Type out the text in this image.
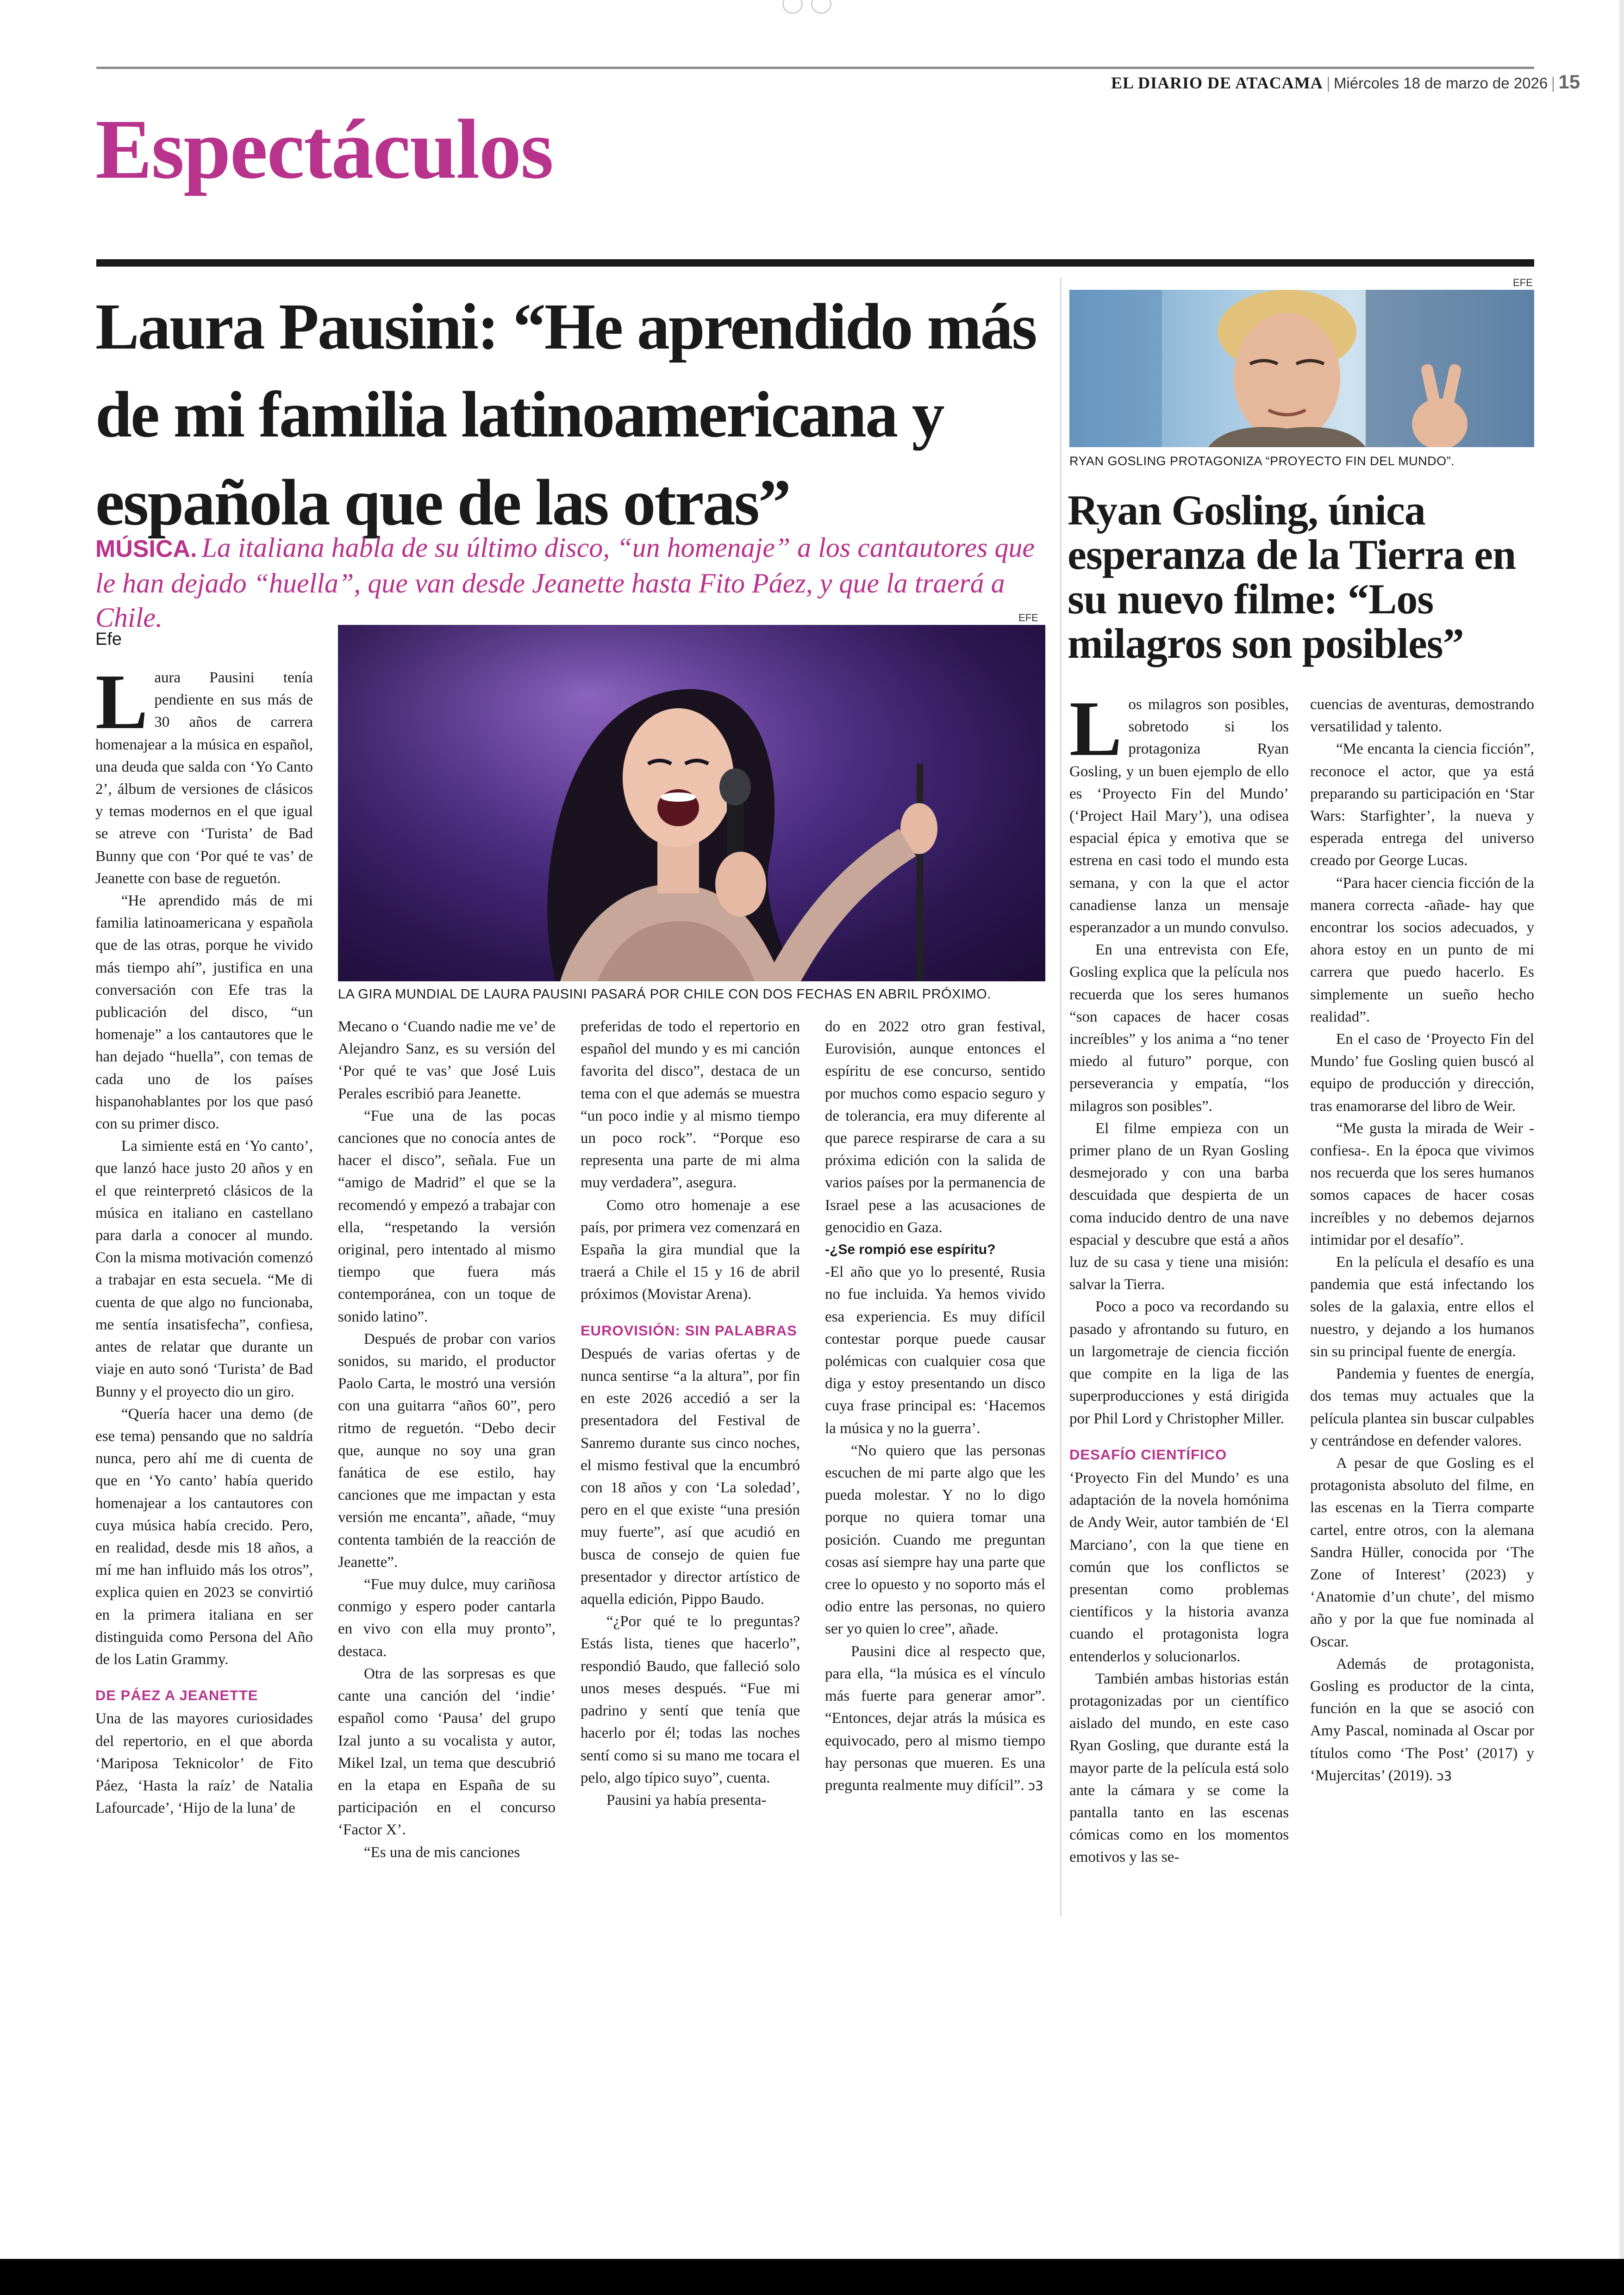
EL DIARIO DE ATACAMA | Miércoles 18 de marzo de 2026 | 15
Espectáculos
Laura Pausini: “He aprendido más de mi familia latinoamericana y española que de las otras”
MÚSICA. La italiana habla de su último disco, “un homenaje” a los cantautores que le han dejado “huella”, que van desde Jeanette hasta Fito Páez, y que la traerá a Chile.
Efe
EFE
LA GIRA MUNDIAL DE LAURA PAUSINI PASARÁ POR CHILE CON DOS FECHAS EN ABRIL PRÓXIMO.

Laura Pausini tenía pendiente en sus más de 30 años de carrera homenajear a la música en español, una deuda que salda con ‘Yo Canto 2’, álbum de versiones de clásicos y temas modernos en el que igual se atreve con ‘Turista’ de Bad Bunny que con ‘Por qué te vas’ de Jeanette con base de reguetón.

“He aprendido más de mi familia latinoamericana y española que de las otras, porque he vivido más tiempo ahí”, justifica en una conversación con Efe tras la publicación del disco, “un homenaje” a los cantautores que le han dejado “huella”, con temas de cada uno de los países hispanohablantes por los que pasó con su primer disco.

La simiente está en ‘Yo canto’, que lanzó hace justo 20 años y en el que reinterpretó clásicos de la música en italiano en castellano para darla a conocer al mundo. Con la misma motivación comenzó a trabajar en esta secuela. “Me di cuenta de que algo no funcionaba, me sentía insatisfecha”, confiesa, antes de relatar que durante un viaje en auto sonó ‘Turista’ de Bad Bunny y el proyecto dio un giro.

“Quería hacer una demo (de ese tema) pensando que no saldría nunca, pero ahí me di cuenta de que en ‘Yo canto’ había querido homenajear a los cantautores con cuya música había crecido. Pero, en realidad, desde mis 18 años, a mí me han influido más los otros”, explica quien en 2023 se convirtió en la primera italiana en ser distinguida como Persona del Año de los Latin Grammy.

DE PÁEZ A JEANETTE

Una de las mayores curiosidades del repertorio, en el que aborda ‘Mariposa Teknicolor’ de Fito Páez, ‘Hasta la raíz’ de Natalia Lafourcade’, ‘Hijo de la luna’ de

Mecano o ‘Cuando nadie me ve’ de Alejandro Sanz, es su versión del ‘Por qué te vas’ que José Luis Perales escribió para Jeanette.

“Fue una de las pocas canciones que no conocía antes de hacer el disco”, señala. Fue un “amigo de Madrid” el que se la recomendó y empezó a trabajar con ella, “respetando la versión original, pero intentado al mismo tiempo que fuera más contemporánea, con un toque de sonido latino”.

Después de probar con varios sonidos, su marido, el productor Paolo Carta, le mostró una versión con una guitarra “años 60”, pero ritmo de reguetón. “Debo decir que, aunque no soy una gran fanática de ese estilo, hay canciones que me impactan y esta versión me encanta”, añade, “muy contenta también de la reacción de Jeanette”.

“Fue muy dulce, muy cariñosa conmigo y espero poder cantarla en vivo con ella muy pronto”, destaca.

Otra de las sorpresas es que cante una canción del ‘indie’ español como ‘Pausa’ del grupo Izal junto a su vocalista y autor, Mikel Izal, un tema que descubrió en la etapa en España de su participación en el concurso ‘Factor X’.

“Es una de mis canciones

preferidas de todo el repertorio en español del mundo y es mi canción favorita del disco”, destaca de un tema con el que además se muestra “un poco indie y al mismo tiempo un poco rock”. “Porque eso representa una parte de mi alma muy verdadera”, asegura.

Como otro homenaje a ese país, por primera vez comenzará en España la gira mundial que la traerá a Chile el 15 y 16 de abril próximos (Movistar Arena).

EUROVISIÓN: SIN PALABRAS

Después de varias ofertas y de nunca sentirse “a la altura”, por fin en este 2026 accedió a ser la presentadora del Festival de Sanremo durante sus cinco noches, el mismo festival que la encumbró con 18 años y con ‘La soledad’, pero en el que existe “una presión muy fuerte”, así que acudió en busca de consejo de quien fue presentador y director artístico de aquella edición, Pippo Baudo.

“¿Por qué te lo preguntas? Estás lista, tienes que hacerlo”, respondió Baudo, que falleció solo unos meses después. “Fue mi padrino y sentí que tenía que hacerlo por él; todas las noches sentí como si su mano me tocara el pelo, algo típico suyo”, cuenta.

Pausini ya había presenta-

do en 2022 otro gran festival, Eurovisión, aunque entonces el espíritu de ese concurso, sentido por muchos como espacio seguro y de tolerancia, era muy diferente al que parece respirarse de cara a su próxima edición con la salida de varios países por la permanencia de Israel pese a las acusaciones de genocidio en Gaza.

-¿Se rompió ese espíritu?

-El año que yo lo presenté, Rusia no fue incluida. Ya hemos vivido esa experiencia. Es muy difícil contestar porque puede causar polémicas con cualquier cosa que diga y estoy presentando un disco cuya frase principal es: ‘Hacemos la música y no la guerra’.

“No quiero que las personas escuchen de mi parte algo que les pueda molestar. Y no lo digo porque no quiera tomar una posición. Cuando me preguntan cosas así siempre hay una parte que cree lo opuesto y no soporto más el odio entre las personas, no quiero ser yo quien lo cree”, añade.

Pausini dice al respecto que, para ella, “la música es el vínculo más fuerte para generar amor”. “Entonces, dejar atrás la música es equivocado, pero al mismo tiempo hay personas que mueren. Es una pregunta realmente muy difícil”. ↄ3

EFE
RYAN GOSLING PROTAGONIZA “PROYECTO FIN DEL MUNDO”.
Ryan Gosling, única esperanza de la Tierra en su nuevo filme: “Los milagros son posibles”

Los milagros son posibles, sobretodo si los protagoniza Ryan Gosling, y un buen ejemplo de ello es ‘Proyecto Fin del Mundo’ (‘Project Hail Mary’), una odisea espacial épica y emotiva que se estrena en casi todo el mundo esta semana, y con la que el actor canadiense lanza un mensaje esperanzador a un mundo convulso.

En una entrevista con Efe, Gosling explica que la película nos recuerda que los seres humanos “son capaces de hacer cosas increíbles” y los anima a “no tener miedo al futuro” porque, con perseverancia y empatía, “los milagros son posibles”.

El filme empieza con un primer plano de un Ryan Gosling desmejorado y con una barba descuidada que despierta de un coma inducido dentro de una nave espacial y descubre que está a años luz de su casa y tiene una misión: salvar la Tierra.

Poco a poco va recordando su pasado y afrontando su futuro, en un largometraje de ciencia ficción que compite en la liga de las superproducciones y está dirigida por Phil Lord y Christopher Miller.

DESAFÍO CIENTÍFICO

‘Proyecto Fin del Mundo’ es una adaptación de la novela homónima de Andy Weir, autor también de ‘El Marciano’, con la que tiene en común que los conflictos se presentan como problemas científicos y la historia avanza cuando el protagonista logra entenderlos y solucionarlos.

También ambas historias están protagonizadas por un científico aislado del mundo, en este caso Ryan Gosling, que durante está la mayor parte de la película está solo ante la cámara y se come la pantalla tanto en las escenas cómicas como en los momentos emotivos y las se-

cuencias de aventuras, demostrando versatilidad y talento.

“Me encanta la ciencia ficción”, reconoce el actor, que ya está preparando su participación en ‘Star Wars: Starfighter’, la nueva y esperada entrega del universo creado por George Lucas.

“Para hacer ciencia ficción de la manera correcta -añade- hay que encontrar los socios adecuados, y ahora estoy en un punto de mi carrera que puedo hacerlo. Es simplemente un sueño hecho realidad”.

En el caso de ‘Proyecto Fin del Mundo’ fue Gosling quien buscó al equipo de producción y dirección, tras enamorarse del libro de Weir.

“Me gusta la mirada de Weir -confiesa-. En la época que vivimos nos recuerda que los seres humanos somos capaces de hacer cosas increíbles y no debemos dejarnos intimidar por el desafío”.

En la película el desafío es una pandemia que está infectando los soles de la galaxia, entre ellos el nuestro, y dejando a los humanos sin su principal fuente de energía.

Pandemia y fuentes de energía, dos temas muy actuales que la película plantea sin buscar culpables y centrándose en defender valores.

A pesar de que Gosling es el protagonista absoluto del filme, en las escenas en la Tierra comparte cartel, entre otros, con la alemana Sandra Hüller, conocida por ‘The Zone of Interest’ (2023) y ‘Anatomie d’un chute’, del mismo año y por la que fue nominada al Oscar.

Además de protagonista, Gosling es productor de la cinta, función en la que se asoció con Amy Pascal, nominada al Oscar por títulos como ‘The Post’ (2017) y ‘Mujercitas’ (2019). ↄ3
